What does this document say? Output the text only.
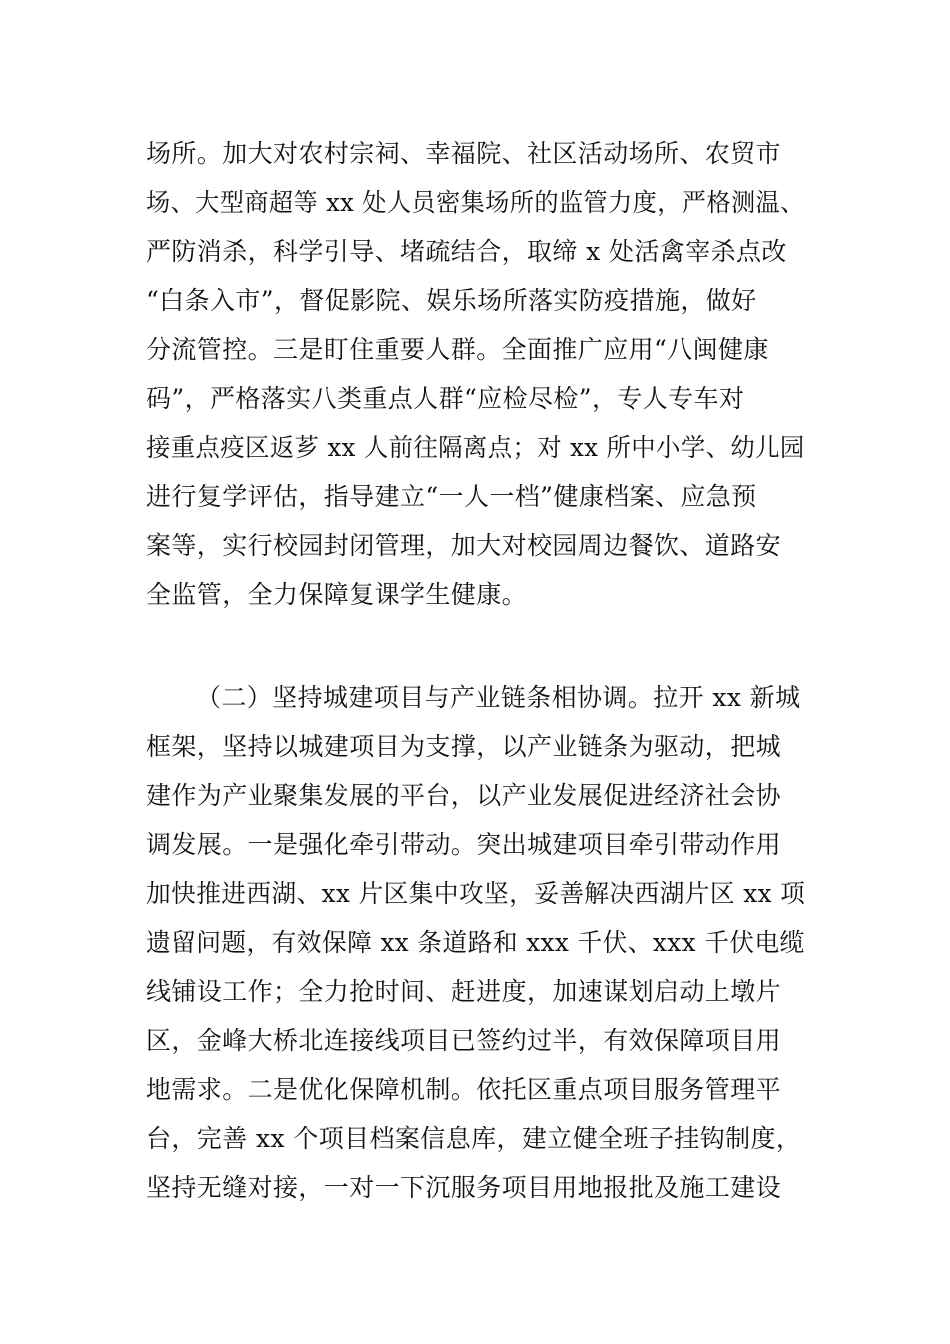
场所。加大对农村宗祠、幸福院、社区活动场所、农贸市
场、大型商超等 xx 处人员密集场所的监管力度，严格测温、
严防消杀，科学引导、堵疏结合，取缔 x 处活禽宰杀点改
“白条入市”，督促影院、娱乐场所落实防疫措施，做好
分流管控。三是盯住重要人群。全面推广应用“八闽健康
码”，严格落实八类重点人群“应检尽检”，专人专车对
接重点疫区返芗 xx 人前往隔离点；对 xx 所中小学、幼儿园
进行复学评估，指导建立“一人一档”健康档案、应急预
案等，实行校园封闭管理，加大对校园周边餐饮、道路安
全监管，全力保障复课学生健康。
（二）坚持城建项目与产业链条相协调。拉开 xx 新城
框架，坚持以城建项目为支撑，以产业链条为驱动，把城
建作为产业聚集发展的平台，以产业发展促进经济社会协
调发展。一是强化牵引带动。突出城建项目牵引带动作用
加快推进西湖、xx 片区集中攻坚，妥善解决西湖片区 xx 项
遗留问题，有效保障 xx 条道路和 xxx 千伏、xxx 千伏电缆
线铺设工作；全力抢时间、赶进度，加速谋划启动上墩片
区，金峰大桥北连接线项目已签约过半，有效保障项目用
地需求。二是优化保障机制。依托区重点项目服务管理平
台，完善 xx 个项目档案信息库，建立健全班子挂钩制度，
坚持无缝对接，一对一下沉服务项目用地报批及施工建设
